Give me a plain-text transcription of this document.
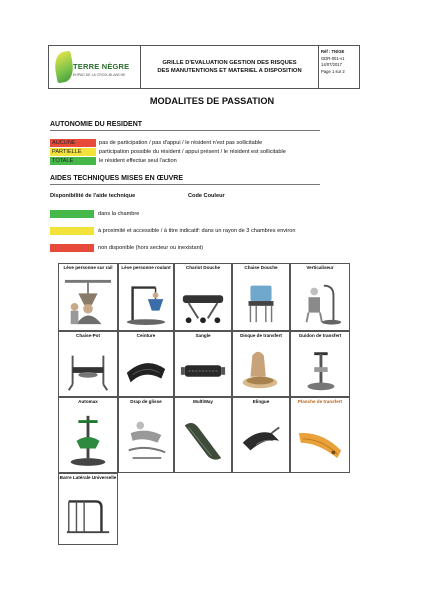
TERRE NÈGRE
EHPAD DE LA CROIX-BLANCHE
GRILLE D'EVALUATION GESTION DES RISQUES
DES MANUTENTIONS ET MATERIEL A DISPOSITION
Réf : TN/GE
GDR-001-v1
14/07/2017
Page 1 sur 2
MODALITES DE PASSATION
AUTONOMIE DU RESIDENT
AUCUNE	pas de participation / pas d'appui / le résident n'est pas sollicitable
PARTIELLE	participation possible du résident / appui présent / le résident est sollicitable
TOTALE	le résident effectue seul l'action
AIDES TECHNIQUES MISES EN ŒUVRE
Disponibilité de l'aide technique	Code Couleur
dans la chambre
à proximité et accessible / à titre indicatif: dans un rayon de 3 chambres environ
non disponible (hors secteur ou inexistant)
Lève personne sur rail	Lève personne roulant	Chariot Douche	Chaise Douche	Verticaliseur
Chaise-Pot	Ceinture	Sangle	Disque de transfert	Guidon de transfert
Automax	Drap de glisse	MultiWay	Elingue	Planche de transfert
Barre Latérale Universelle
